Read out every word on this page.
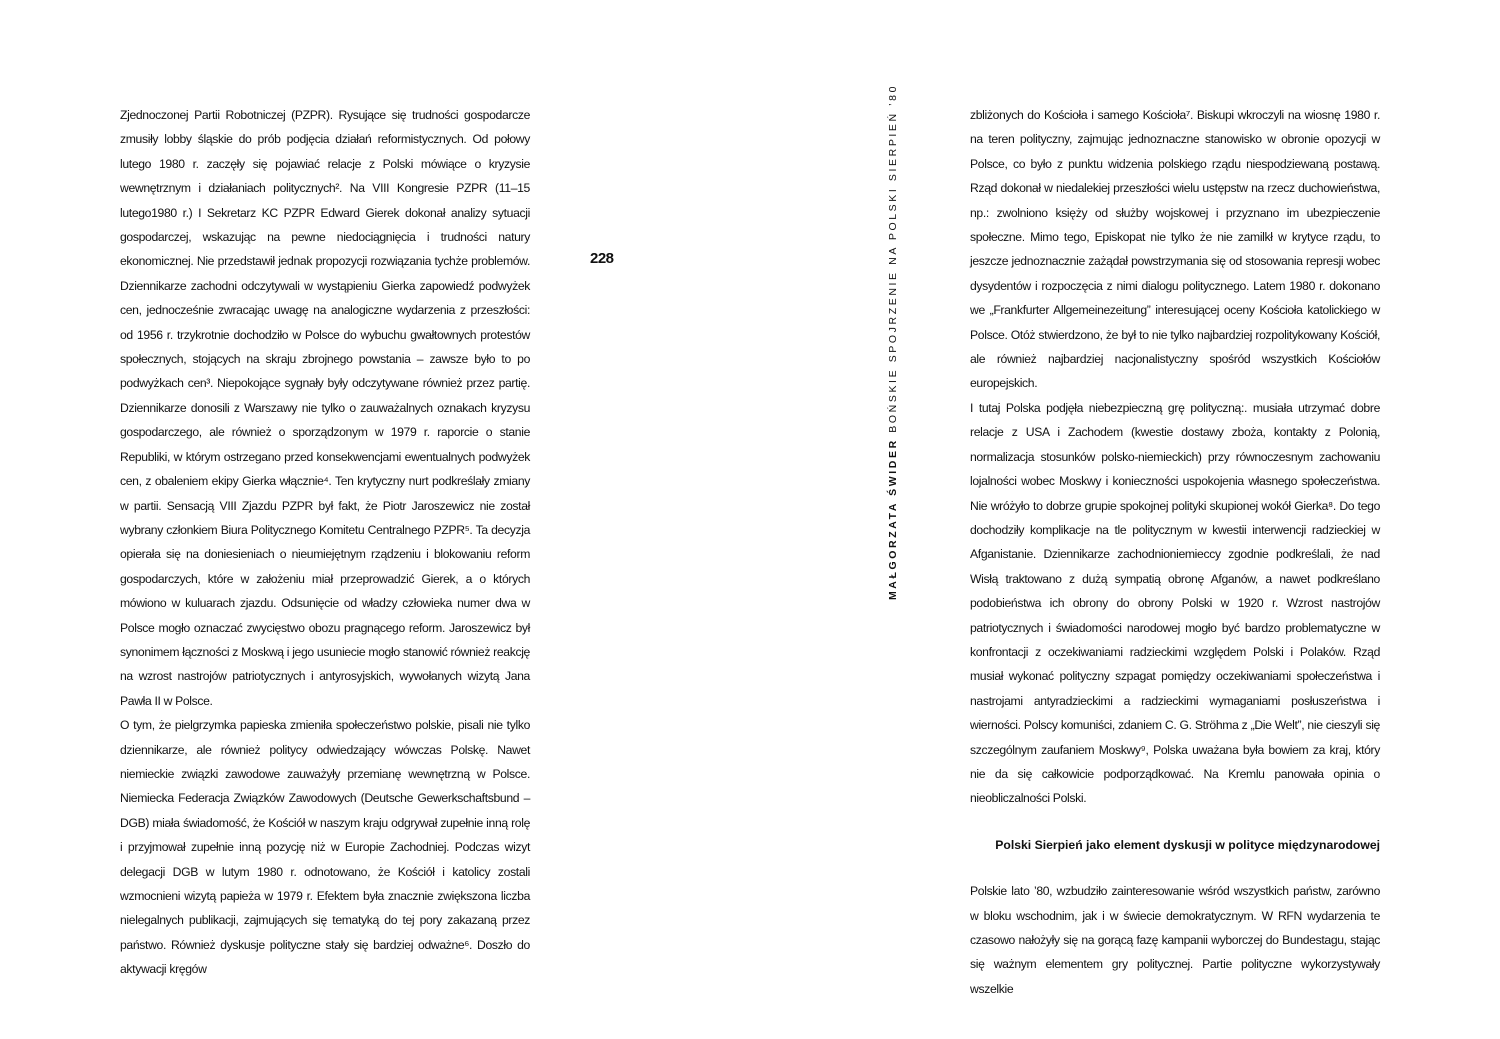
Zjednoczonej Partii Robotniczej (PZPR). Rysujące się trudności gospodarcze zmusiły lobby śląskie do prób podjęcia działań reformistycznych. Od połowy lutego 1980 r. zaczęły się pojawiać relacje z Polski mówiące o kryzysie wewnętrznym i działaniach politycznych². Na VIII Kongresie PZPR (11–15 lutego1980 r.) I Sekretarz KC PZPR Edward Gierek dokonał analizy sytuacji gospodarczej, wskazując na pewne niedociągnięcia i trudności natury ekonomicznej. Nie przedstawił jednak propozycji rozwiązania tychże problemów. Dziennikarze zachodni odczytywali w wystąpieniu Gierka zapowiedź podwyżek cen, jednocześnie zwracając uwagę na analogiczne wydarzenia z przeszłości: od 1956 r. trzykrotnie dochodziło w Polsce do wybuchu gwałtownych protestów społecznych, stojących na skraju zbrojnego powstania – zawsze było to po podwyżkach cen³. Niepokojące sygnały były odczytywane również przez partię. Dziennikarze donosili z Warszawy nie tylko o zauważalnych oznakach kryzysu gospodarczego, ale również o sporządzonym w 1979 r. raporcie o stanie Republiki, w którym ostrzegano przed konsekwencjami ewentualnych podwyżek cen, z obaleniem ekipy Gierka włącznie⁴. Ten krytyczny nurt podkreślały zmiany w partii. Sensacją VIII Zjazdu PZPR był fakt, że Piotr Jaroszewicz nie został wybrany członkiem Biura Politycznego Komitetu Centralnego PZPR⁵. Ta decyzja opierała się na doniesieniach o nieumiejętnym rządzeniu i blokowaniu reform gospodarczych, które w założeniu miał przeprowadzić Gierek, a o których mówiono w kuluarach zjazdu. Odsunięcie od władzy człowieka numer dwa w Polsce mogło oznaczać zwycięstwo obozu pragnącego reform. Jaroszewicz był synonimem łączności z Moskwą i jego usuniecie mogło stanowić również reakcję na wzrost nastrojów patriotycznych i antyrosyjskich, wywołanych wizytą Jana Pawła II w Polsce.

O tym, że pielgrzymka papieska zmieniła społeczeństwo polskie, pisali nie tylko dziennikarze, ale również politycy odwiedzający wówczas Polskę. Nawet niemieckie związki zawodowe zauważyły przemianę wewnętrzną w Polsce. Niemiecka Federacja Związków Zawodowych (Deutsche Gewerkschaftsbund – DGB) miała świadomość, że Kościół w naszym kraju odgrywał zupełnie inną rolę i przyjmował zupełnie inną pozycję niż w Europie Zachodniej. Podczas wizyt delegacji DGB w lutym 1980 r. odnotowano, że Kościół i katolicy zostali wzmocnieni wizytą papieża w 1979 r. Efektem była znacznie zwiększona liczba nielegalnych publikacji, zajmujących się tematyką do tej pory zakazaną przez państwo. Również dyskusje polityczne stały się bardziej odważne⁶. Doszło do aktywacji kręgów

228
MAŁGORZATA ŚWIDER BOŃSKIE SPOJRZENIE NA POLSKI SIERPIEŃ ’80	zbliżonych do Kościoła i samego Kościoła⁷. Biskupi wkroczyli na wiosnę 1980 r. na teren polityczny, zajmując jednoznaczne stanowisko w obronie opozycji w Polsce, co było z punktu widzenia polskiego rządu niespodziewaną postawą. Rząd dokonał w niedalekiej przeszłości wielu ustępstw na rzecz duchowieństwa, np.: zwolniono księży od służby wojskowej i przyznano im ubezpieczenie społeczne. Mimo tego, Episkopat nie tylko że nie zamilkł w krytyce rządu, to jeszcze jednoznacznie zażądał powstrzymania się od stosowania represji wobec dysydentów i rozpoczęcia z nimi dialogu politycznego. Latem 1980 r. dokonano we „Frankfurter Allgemeinezeitung” interesującej oceny Kościoła katolickiego w Polsce. Otóż stwierdzono, że był to nie tylko najbardziej rozpolitykowany Kościół, ale również najbardziej nacjonalistyczny spośród wszystkich Kościołów europejskich.

I tutaj Polska podjęła niebezpieczną grę polityczną:. musiała utrzymać dobre relacje z USA i Zachodem (kwestie dostawy zboża, kontakty z Polonią, normalizacja stosunków polsko-niemieckich) przy równoczesnym zachowaniu lojalności wobec Moskwy i konieczności uspokojenia własnego społeczeństwa. Nie wróżyło to dobrze grupie spokojnej polityki skupionej wokół Gierka⁸. Do tego dochodziły komplikacje na tle politycznym w kwestii interwencji radzieckiej w Afganistanie. Dziennikarze zachodnioniemieccy zgodnie podkreślali, że nad Wisłą traktowano z dużą sympatią obronę Afganów, a nawet podkreślano podobieństwa ich obrony do obrony Polski w 1920 r. Wzrost nastrojów patriotycznych i świadomości narodowej mogło być bardzo problematyczne w konfrontacji z oczekiwaniami radzieckimi względem Polski i Polaków. Rząd musiał wykonać polityczny szpagat pomiędzy oczekiwaniami społeczeństwa i nastrojami antyradzieckimi a radzieckimi wymaganiami posłuszeństwa i wierności. Polscy komuniści, zdaniem C. G. Ströhma z „Die Welt”, nie cieszyli się szczególnym zaufaniem Moskwy⁹, Polska uważana była bowiem za kraj, który nie da się całkowicie podporządkować. Na Kremlu panowała opinia o nieobliczalności Polski.

Polski Sierpień jako element dyskusji w polityce międzynarodowej

Polskie lato ’80, wzbudziło zainteresowanie wśród wszystkich państw, zarówno w bloku wschodnim, jak i w świecie demokratycznym. W RFN wydarzenia te czasowo nałożyły się na gorącą fazę kampanii wyborczej do Bundestagu, stając się ważnym elementem gry politycznej. Partie polityczne wykorzystywały wszelkie
